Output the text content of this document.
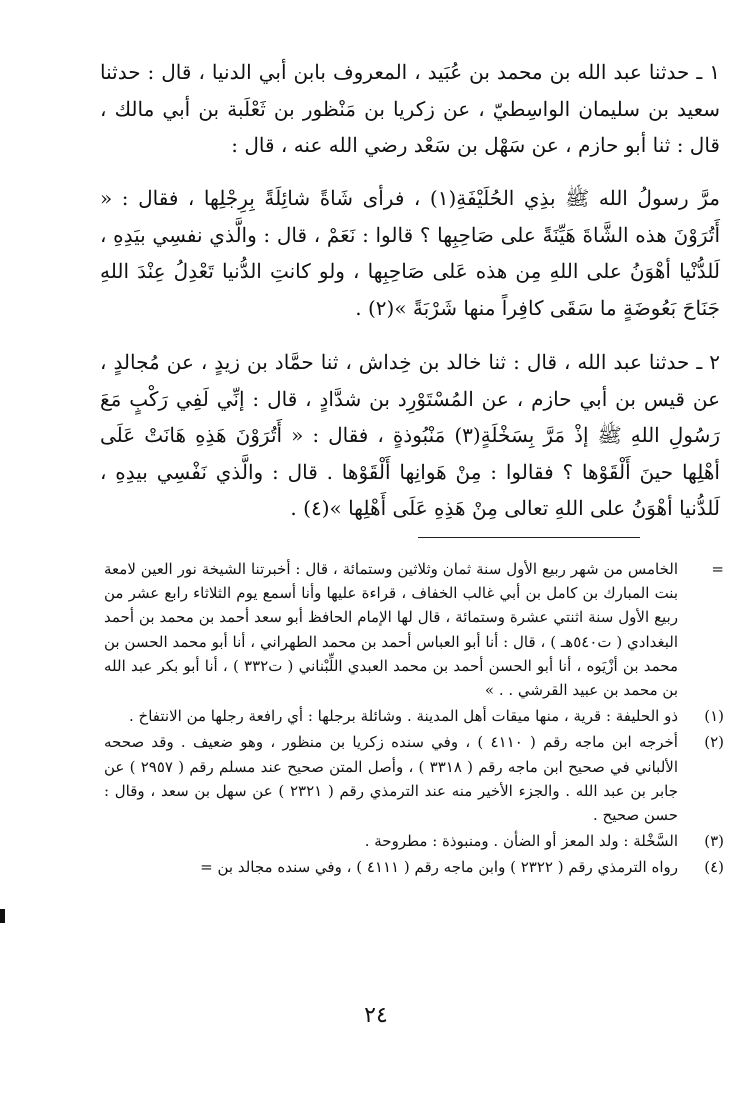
١ ـ حدثنا عبد الله بن محمد بن عُبَيد ، المعروف بابن أبي الدنيا ، قال : حدثنا سعيد بن سليمان الواسِطيّ ، عن زكريا بن مَنْظور بن ثَعْلَبة بن أبي مالك ، قال : ثنا أبو حازم ، عن سَهْل بن سَعْد رضي الله عنه ، قال :

مرَّ رسولُ الله ﷺ بذِي الحُلَيْفَةِ(١) ، فرأى شَاةً شائِلَةً بِرِجْلِها ، فقال : « أَتُرَوْنَ هذه الشَّاةَ هَيِّنَةً على صَاحِبِها ؟ قالوا : نَعَمْ ، قال : والَّذي نفسِي بيَدِهِ ، لَلدُّنْيا أهْوَنُ على اللهِ مِن هذه عَلى صَاحِبِها ، ولو كانتِ الدُّنيا تَعْدِلُ عِنْدَ اللهِ جَنَاحَ بَعُوضَةٍ ما سَقَى كافِراً منها شَرْبَةً »(٢) .

٢ ـ حدثنا عبد الله ، قال : ثنا خالد بن خِداش ، ثنا حمَّاد بن زيدٍ ، عن مُجالدٍ ، عن قيس بن أبي حازم ، عن المُسْتَوْرِد بن شدَّادٍ ، قال : إنِّي لَفِي رَكْبٍ مَعَ رَسُولِ اللهِ ﷺ إذْ مَرَّ بِسَخْلَةٍ(٣) مَنْبُوذةٍ ، فقال : « أَتُرَوْنَ هَذِهِ هَانَتْ عَلَى أهْلِها حينَ أَلْقَوْها ؟ فقالوا : مِنْ هَوانِها أَلْقَوْها . قال : والَّذي نَفْسِي بيدِهِ ، لَلدُّنيا أهْوَنُ على اللهِ تعالى مِنْ هَذِهِ عَلَى أَهْلِها »(٤) .

=
الخامس من شهر ربيع الأول سنة ثمان وثلاثين وستمائة ، قال : أخبرتنا الشيخة نور العين لامعة بنت المبارك بن كامل بن أبي غالب الخفاف ، قراءة عليها وأنا أسمع يوم الثلاثاء رابع عشر من ربيع الأول سنة اثنتي عشرة وستمائة ، قال لها الإمام الحافظ أبو سعد أحمد بن محمد بن أحمد البغدادي ( ت٥٤٠هـ ) ، قال : أنا أبو العباس أحمد بن محمد الطهراني ، أنا أبو محمد الحسن بن محمد بن أزْيَوه ، أنا أبو الحسن أحمد بن محمد العبدي اللِّبْناني ( ت٣٣٢ ) ، أنا أبو بكر عبد الله بن محمد بن عبيد القرشي . . »
(١)
ذو الحليفة : قرية ، منها ميقات أهل المدينة . وشائلة برجلها : أي رافعة رجلها من الانتفاخ .
(٢)
أخرجه ابن ماجه رقم ( ٤١١٠ ) ، وفي سنده زكريا بن منظور ، وهو ضعيف . وقد صححه الألباني في صحيح ابن ماجه رقم ( ٣٣١٨ ) ، وأصل المتن صحيح عند مسلم رقم ( ٢٩٥٧ ) عن جابر بن عبد الله . والجزء الأخير منه عند الترمذي رقم ( ٢٣٢١ ) عن سهل بن سعد ، وقال : حسن صحيح .
(٣)
السَّخْلة : ولد المعز أو الضأن . ومنبوذة : مطروحة .
(٤)
رواه الترمذي رقم ( ٢٣٢٢ ) وابن ماجه رقم ( ٤١١١ ) ، وفي سنده مجالد بن =
٢٤
